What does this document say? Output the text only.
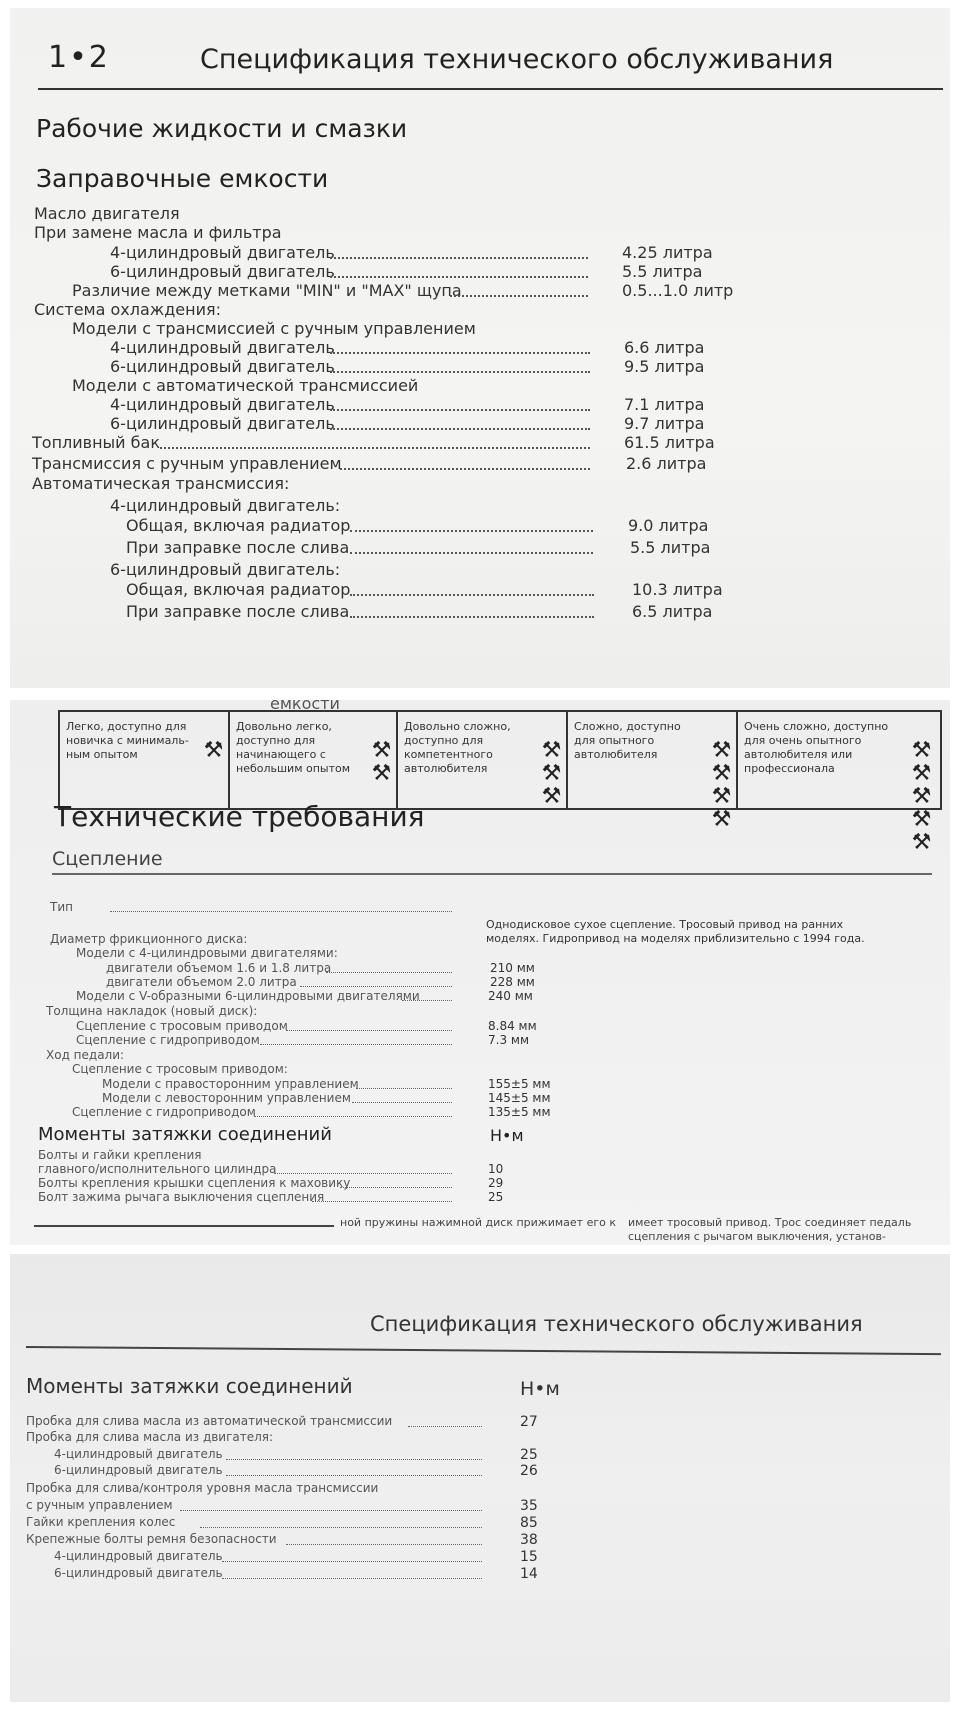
1•2	Спецификация технического обслуживания
Рабочие жидкости и смазки
Заправочные емкости
Масло двигателя
При замене масла и фильтра
4-цилиндровый двигатель	4.25 литра
6-цилиндровый двигатель	5.5 литра
Различие между метками "MIN" и "MAX" щупа	0.5...1.0 литр
Система охлаждения:
Модели с трансмиссией с ручным управлением
4-цилиндровый двигатель	6.6 литра
6-цилиндровый двигатель	9.5 литра
Модели с автоматической трансмиссией
4-цилиндровый двигатель	7.1 литра
6-цилиндровый двигатель	9.7 литра
Топливный бак	61.5 литра
Трансмиссия с ручным управлением	2.6 литра
Автоматическая трансмиссия:
4-цилиндровый двигатель:
Общая, включая радиатор	9.0 литра
При заправке после слива	5.5 литра
6-цилиндровый двигатель:
Общая, включая радиатор	10.3 литра
При заправке после слива	6.5 литра
емкости
Легко, доступно для новичка с минималь-ным опытом	⚒
Довольно легко, доступно для начинающего с небольшим опытом ⚒⚒
Довольно сложно, доступно для компетентного автолюбителя	⚒⚒⚒
Сложно, доступно для опытного автолюбителя	⚒⚒⚒⚒
Очень сложно, доступно для очень опытного автолюбителя или профессионала	⚒⚒⚒⚒⚒
Технические требования
Сцепление
Тип
Однодисковое сухое сцепление. Тросовый привод на ранних моделях. Гидропривод на моделях приблизительно с 1994 года.
Диаметр фрикционного диска:
Модели с 4-цилиндровыми двигателями:
двигатели объемом 1.6 и 1.8 литра	210 мм
двигатели объемом 2.0 литра	228 мм
Модели с V-образными 6-цилиндровыми двигателями	240 мм
Толщина накладок (новый диск):
Сцепление с тросовым приводом	8.84 мм
Сцепление с гидроприводом	7.3 мм
Ход педали:
Сцепление с тросовым приводом:
Модели с правосторонним управлением	155±5 мм
Модели с левосторонним управлением	145±5 мм
Сцепление с гидроприводом	135±5 мм
Моменты затяжки соединений	Н•м
Болты и гайки крепления
главного/исполнительного цилиндра	10
Болты крепления крышки сцепления к маховику	29
Болт зажима рычага выключения сцепления	25
ной пружины нажимной диск прижимает его к имеет тросовый привод. Трос соединяет педаль
сцепления с рычагом выключения, установ-
Спецификация технического обслуживания
Моменты затяжки соединений	Н•м
Пробка для слива масла из автоматической трансмиссии	27
Пробка для слива масла из двигателя:
4-цилиндровый двигатель	25
6-цилиндровый двигатель	26
Пробка для слива/контроля уровня масла трансмиссии
с ручным управлением	35
Гайки крепления колес	85
Крепежные болты ремня безопасности	38
4-цилиндровый двигатель	15
6-цилиндровый двигатель	14
